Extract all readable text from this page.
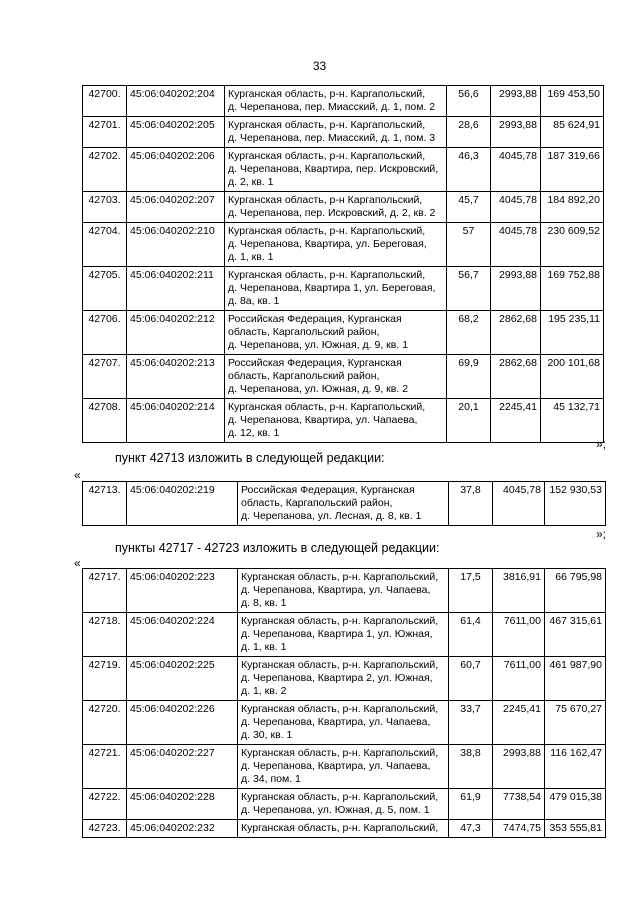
33
42700.	45:06:040202:204	Курганская область, р-н. Каргапольский,
д. Черепанова, пер. Миасский, д. 1, пом. 2	56,6	2993,88	169 453,50
42701.	45:06:040202:205	Курганская область, р-н. Каргапольский,
д. Черепанова, пер. Миасский, д. 1, пом. 3	28,6	2993,88	85 624,91
42702.	45:06:040202:206	Курганская область, р-н. Каргапольский,
д. Черепанова, Квартира, пер. Искровский,
д. 2, кв. 1	46,3	4045,78	187 319,66
42703.	45:06:040202:207	Курганская область, р-н Каргапольский,
д. Черепанова, пер. Искровский, д. 2, кв. 2	45,7	4045,78	184 892,20
42704.	45:06:040202:210	Курганская область, р-н. Каргапольский,
д. Черепанова, Квартира, ул. Береговая,
д. 1, кв. 1	57	4045,78	230 609,52
42705.	45:06:040202:211	Курганская область, р-н. Каргапольский,
д. Черепанова, Квартира 1, ул. Береговая,
д. 8а, кв. 1	56,7	2993,88	169 752,88
42706.	45:06:040202:212	Российская Федерация, Курганская
область, Каргапольский район,
д. Черепанова, ул. Южная, д. 9, кв. 1	68,2	2862,68	195 235,11
42707.	45:06:040202:213	Российская Федерация, Курганская
область, Каргапольский район,
д. Черепанова, ул. Южная, д. 9, кв. 2	69,9	2862,68	200 101,68
42708.	45:06:040202:214	Курганская область, р-н. Каргапольский,
д. Черепанова, Квартира, ул. Чапаева,
д. 12, кв. 1	20,1	2245,41	45 132,71
»;
пункт 42713 изложить в следующей редакции:
«
42713.	45:06:040202:219	Российская Федерация, Курганская
область, Каргапольский район,
д. Черепанова, ул. Лесная, д. 8, кв. 1
	37,8	4045,78	152 930,53
»;
пункты 42717 - 42723 изложить в следующей редакции:
«
42717.	45:06:040202:223	Курганская область, р-н. Каргапольский,
д. Черепанова, Квартира, ул. Чапаева,
д. 8, кв. 1	17,5	3816,91	66 795,98
42718.	45:06:040202:224	Курганская область, р-н. Каргапольский,
д. Черепанова, Квартира 1, ул. Южная,
д. 1, кв. 1	61,4	7611,00	467 315,61
42719.	45:06:040202:225	Курганская область, р-н. Каргапольский,
д. Черепанова, Квартира 2, ул. Южная,
д. 1, кв. 2	60,7	7611,00	461 987,90
42720.	45:06:040202:226	Курганская область, р-н. Каргапольский,
д. Черепанова, Квартира, ул. Чапаева,
д. 30, кв. 1	33,7	2245,41	75 670,27
42721.	45:06:040202:227	Курганская область, р-н. Каргапольский,
д. Черепанова, Квартира, ул. Чапаева,
д. 34, пом. 1	38,8	2993,88	116 162,47
42722.	45:06:040202:228	Курганская область, р-н. Каргапольский,
д. Черепанова, ул. Южная, д. 5, пом. 1	61,9	7738,54	479 015,38
42723.	45:06:040202:232	Курганская область, р-н. Каргапольский,	47,3	7474,75	353 555,81
